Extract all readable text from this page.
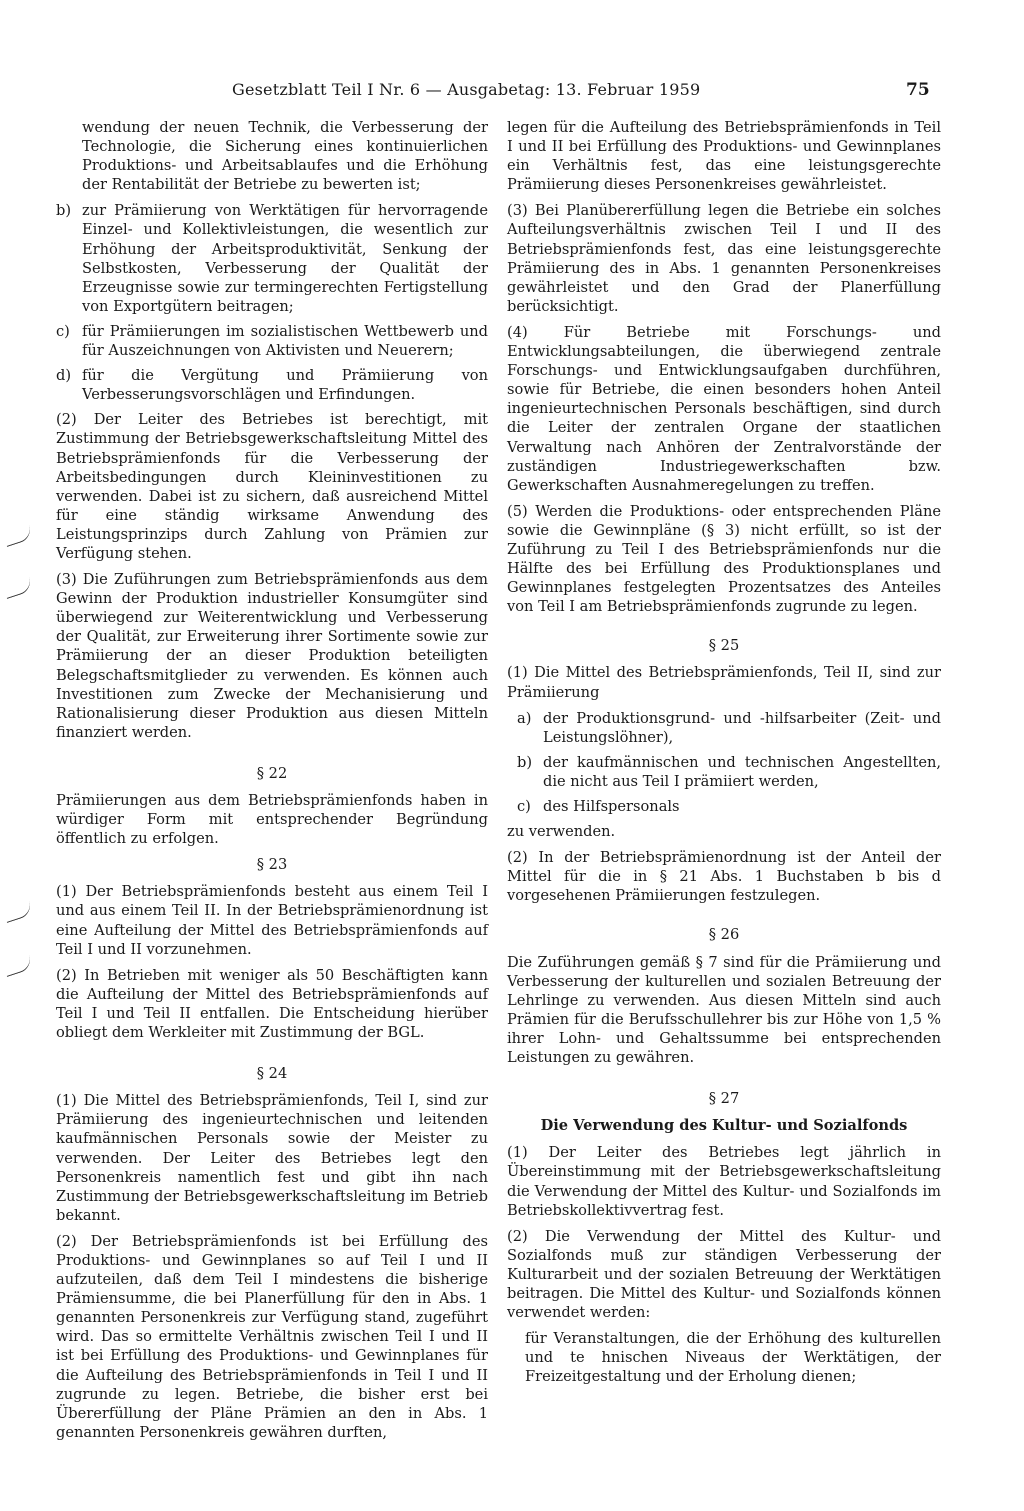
Gesetzblatt Teil I Nr. 6 — Ausgabetag: 13. Februar 1959	75

wendung der neuen Technik, die Verbesserung der Technologie, die Sicherung eines kontinuierlichen Produktions- und Arbeitsablaufes und die Erhöhung der Rentabilität der Betriebe zu bewerten ist;

b) zur Prämiierung von Werktätigen für hervorragende Einzel- und Kollektivleistungen, die wesentlich zur Erhöhung der Arbeitsproduktivität, Senkung der Selbstkosten, Verbesserung der Qualität der Erzeugnisse sowie zur termingerechten Fertigstellung von Exportgütern beitragen;
c) für Prämiierungen im sozialistischen Wettbewerb und für Auszeichnungen von Aktivisten und Neuerern;
d) für die Vergütung und Prämiierung von Verbesserungsvorschlägen und Erfindungen.

(2) Der Leiter des Betriebes ist berechtigt, mit Zustimmung der Betriebsgewerkschaftsleitung Mittel des Betriebsprämienfonds für die Verbesserung der Arbeitsbedingungen durch Kleininvestitionen zu verwenden. Dabei ist zu sichern, daß ausreichend Mittel für eine ständig wirksame Anwendung des Leistungsprinzips durch Zahlung von Prämien zur Verfügung stehen.

(3) Die Zuführungen zum Betriebsprämienfonds aus dem Gewinn der Produktion industrieller Konsumgüter sind überwiegend zur Weiterentwicklung und Verbesserung der Qualität, zur Erweiterung ihrer Sortimente sowie zur Prämiierung der an dieser Produktion beteiligten Belegschaftsmitglieder zu verwenden. Es können auch Investitionen zum Zwecke der Mechanisierung und Rationalisierung dieser Produktion aus diesen Mitteln finanziert werden.

§ 22

Prämiierungen aus dem Betriebsprämienfonds haben in würdiger Form mit entsprechender Begründung öffentlich zu erfolgen.

§ 23

(1) Der Betriebsprämienfonds besteht aus einem Teil I und aus einem Teil II. In der Betriebsprämienordnung ist eine Aufteilung der Mittel des Betriebsprämienfonds auf Teil I und II vorzunehmen.

(2) In Betrieben mit weniger als 50 Beschäftigten kann die Aufteilung der Mittel des Betriebsprämienfonds auf Teil I und Teil II entfallen. Die Entscheidung hierüber obliegt dem Werkleiter mit Zustimmung der BGL.

§ 24

(1) Die Mittel des Betriebsprämienfonds, Teil I, sind zur Prämiierung des ingenieurtechnischen und leitenden kaufmännischen Personals sowie der Meister zu verwenden. Der Leiter des Betriebes legt den Personenkreis namentlich fest und gibt ihn nach Zustimmung der Betriebsgewerkschaftsleitung im Betrieb bekannt.

(2) Der Betriebsprämienfonds ist bei Erfüllung des Produktions- und Gewinnplanes so auf Teil I und II aufzuteilen, daß dem Teil I mindestens die bisherige Prämiensumme, die bei Planerfüllung für den in Abs. 1 genannten Personenkreis zur Verfügung stand, zugeführt wird. Das so ermittelte Verhältnis zwischen Teil I und II ist bei Erfüllung des Produktions- und Gewinnplanes für die Aufteilung des Betriebsprämienfonds in Teil I und II zugrunde zu legen. Betriebe, die bisher erst bei Übererfüllung der Pläne Prämien an den in Abs. 1 genannten Personenkreis gewähren durften,

legen für die Aufteilung des Betriebsprämienfonds in Teil I und II bei Erfüllung des Produktions- und Gewinnplanes ein Verhältnis fest, das eine leistungsgerechte Prämiierung dieses Personenkreises gewährleistet.

(3) Bei Planübererfüllung legen die Betriebe ein solches Aufteilungsverhältnis zwischen Teil I und II des Betriebsprämienfonds fest, das eine leistungsgerechte Prämiierung des in Abs. 1 genannten Personenkreises gewährleistet und den Grad der Planerfüllung berücksichtigt.

(4) Für Betriebe mit Forschungs- und Entwicklungsabteilungen, die überwiegend zentrale Forschungs- und Entwicklungsaufgaben durchführen, sowie für Betriebe, die einen besonders hohen Anteil ingenieurtechnischen Personals beschäftigen, sind durch die Leiter der zentralen Organe der staatlichen Verwaltung nach Anhören der Zentralvorstände der zuständigen Industriegewerkschaften bzw. Gewerkschaften Ausnahmeregelungen zu treffen.

(5) Werden die Produktions- oder entsprechenden Pläne sowie die Gewinnpläne (§ 3) nicht erfüllt, so ist der Zuführung zu Teil I des Betriebsprämienfonds nur die Hälfte des bei Erfüllung des Produktionsplanes und Gewinnplanes festgelegten Prozentsatzes des Anteiles von Teil I am Betriebsprämienfonds zugrunde zu legen.

§ 25

(1) Die Mittel des Betriebsprämienfonds, Teil II, sind zur Prämiierung

a) der Produktionsgrund- und -hilfsarbeiter (Zeit- und Leistungslöhner),
b) der kaufmännischen und technischen Angestellten, die nicht aus Teil I prämiiert werden,
c) des Hilfspersonals

zu verwenden.

(2) In der Betriebsprämienordnung ist der Anteil der Mittel für die in § 21 Abs. 1 Buchstaben b bis d vorgesehenen Prämiierungen festzulegen.

§ 26

Die Zuführungen gemäß § 7 sind für die Prämiierung und Verbesserung der kulturellen und sozialen Betreuung der Lehrlinge zu verwenden. Aus diesen Mitteln sind auch Prämien für die Berufsschullehrer bis zur Höhe von 1,5 % ihrer Lohn- und Gehaltssumme bei entsprechenden Leistungen zu gewähren.

§ 27
Die Verwendung des Kultur- und Sozialfonds

(1) Der Leiter des Betriebes legt jährlich in Übereinstimmung mit der Betriebsgewerkschaftsleitung die Verwendung der Mittel des Kultur- und Sozialfonds im Betriebskollektivvertrag fest.

(2) Die Verwendung der Mittel des Kultur- und Sozialfonds muß zur ständigen Verbesserung der Kulturarbeit und der sozialen Betreuung der Werktätigen beitragen. Die Mittel des Kultur- und Sozialfonds können verwendet werden:

für Veranstaltungen, die der Erhöhung des kulturellen und te hnischen Niveaus der Werktätigen, der Freizeitgestaltung und der Erholung dienen;
